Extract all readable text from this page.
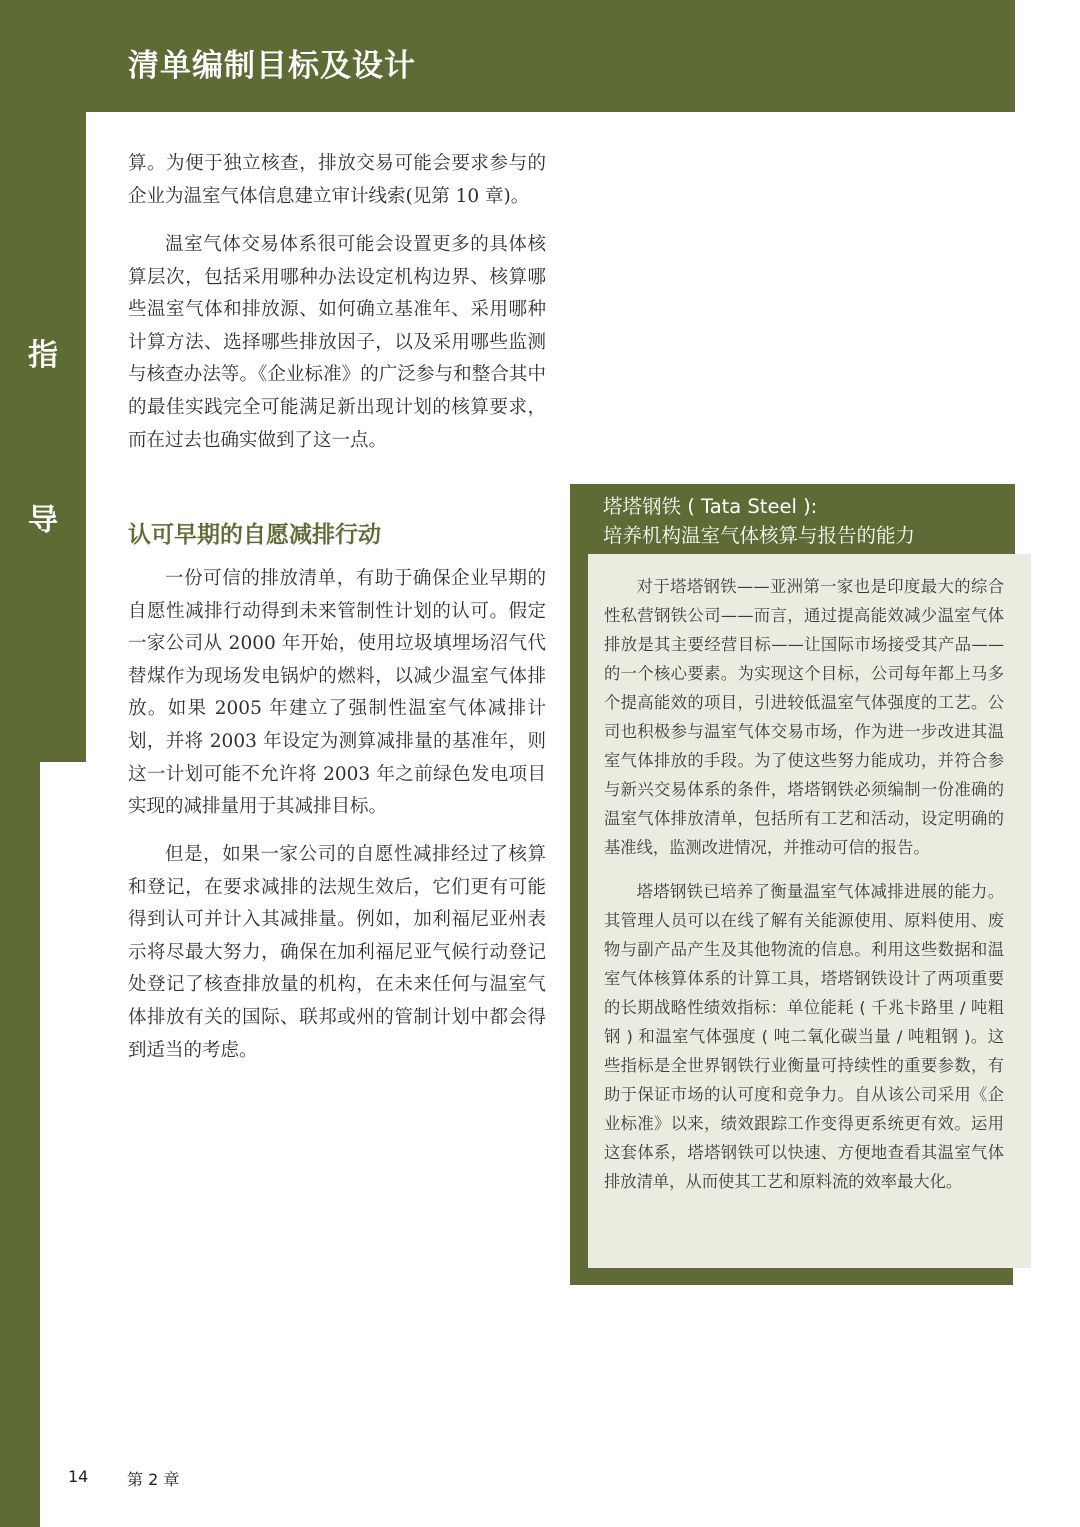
清单编制目标及设计
指
导

算。为便于独立核查，排放交易可能会要求参与的企业为温室气体信息建立审计线索(见第 10 章)。

温室气体交易体系很可能会设置更多的具体核算层次，包括采用哪种办法设定机构边界、核算哪些温室气体和排放源、如何确立基准年、采用哪种计算方法、选择哪些排放因子，以及采用哪些监测与核查办法等。《企业标准》的广泛参与和整合其中的最佳实践完全可能满足新出现计划的核算要求，而在过去也确实做到了这一点。

认可早期的自愿减排行动

一份可信的排放清单，有助于确保企业早期的自愿性减排行动得到未来管制性计划的认可。假定一家公司从 2000 年开始，使用垃圾填埋场沼气代替煤作为现场发电锅炉的燃料，以减少温室气体排放。如果 2005 年建立了强制性温室气体减排计划，并将 2003 年设定为测算减排量的基准年，则这一计划可能不允许将 2003 年之前绿色发电项目实现的减排量用于其减排目标。

但是，如果一家公司的自愿性减排经过了核算和登记，在要求减排的法规生效后，它们更有可能得到认可并计入其减排量。例如，加利福尼亚州表示将尽最大努力，确保在加利福尼亚气候行动登记处登记了核查排放量的机构，在未来任何与温室气体排放有关的国际、联邦或州的管制计划中都会得到适当的考虑。

塔塔钢铁 ( Tata Steel ):
培养机构温室气体核算与报告的能力

对于塔塔钢铁——亚洲第一家也是印度最大的综合性私营钢铁公司——而言，通过提高能效减少温室气体排放是其主要经营目标——让国际市场接受其产品——的一个核心要素。为实现这个目标，公司每年都上马多个提高能效的项目，引进较低温室气体强度的工艺。公司也积极参与温室气体交易市场，作为进一步改进其温室气体排放的手段。为了使这些努力能成功，并符合参与新兴交易体系的条件，塔塔钢铁必须编制一份准确的温室气体排放清单，包括所有工艺和活动，设定明确的基准线，监测改进情况，并推动可信的报告。

塔塔钢铁已培养了衡量温室气体减排进展的能力。其管理人员可以在线了解有关能源使用、原料使用、废物与副产品产生及其他物流的信息。利用这些数据和温室气体核算体系的计算工具，塔塔钢铁设计了两项重要的长期战略性绩效指标：单位能耗 ( 千兆卡路里 / 吨粗钢 ) 和温室气体强度 ( 吨二氧化碳当量 / 吨粗钢 )。这些指标是全世界钢铁行业衡量可持续性的重要参数，有助于保证市场的认可度和竞争力。自从该公司采用《企业标准》以来，绩效跟踪工作变得更系统更有效。运用这套体系，塔塔钢铁可以快速、方便地查看其温室气体排放清单，从而使其工艺和原料流的效率最大化。

14 第 2 章
